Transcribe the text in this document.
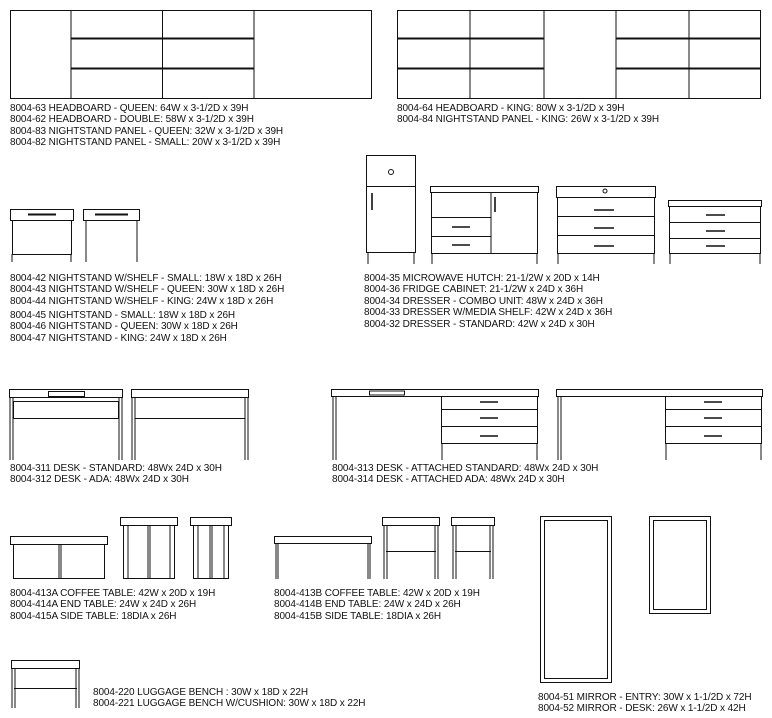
8004-63 HEADBOARD - QUEEN: 64W x 3-1/2D x 39H
8004-62 HEADBOARD - DOUBLE: 58W x 3-1/2D x 39H
8004-83 NIGHTSTAND PANEL - QUEEN: 32W x 3-1/2D x 39H
8004-82 NIGHTSTAND PANEL - SMALL: 20W x 3-1/2D x 39H
8004-64 HEADBOARD - KING: 80W x 3-1/2D x 39H
8004-84 NIGHTSTAND PANEL - KING: 26W x 3-1/2D x 39H
8004-42 NIGHTSTAND W/SHELF - SMALL: 18W x 18D x 26H
8004-43 NIGHTSTAND W/SHELF - QUEEN: 30W x 18D x 26H
8004-44 NIGHTSTAND W/SHELF - KING: 24W x 18D x 26H
8004-45 NIGHTSTAND - SMALL: 18W x 18D x 26H
8004-46 NIGHTSTAND - QUEEN: 30W x 18D x 26H
8004-47 NIGHTSTAND - KING: 24W x 18D x 26H
8004-35 MICROWAVE HUTCH: 21-1/2W x 20D x 14H
8004-36 FRIDGE CABINET: 21-1/2W x 24D x 36H
8004-34 DRESSER - COMBO UNIT: 48W x 24D x 36H
8004-33 DRESSER W/MEDIA SHELF: 42W x 24D x 36H
8004-32 DRESSER - STANDARD: 42W x 24D x 30H
8004-311 DESK - STANDARD: 48Wx 24D x 30H
8004-312 DESK - ADA: 48Wx 24D x 30H
8004-313 DESK - ATTACHED STANDARD: 48Wx 24D x 30H
8004-314 DESK - ATTACHED ADA: 48Wx 24D x 30H
8004-413A COFFEE TABLE: 42W x 20D x 19H
8004-414A END TABLE: 24W x 24D x 26H
8004-415A SIDE TABLE: 18DIA x 26H
8004-413B COFFEE TABLE: 42W x 20D x 19H
8004-414B END TABLE: 24W x 24D x 26H
8004-415B SIDE TABLE: 18DIA x 26H
8004-220 LUGGAGE BENCH : 30W x 18D x 22H
8004-221 LUGGAGE BENCH W/CUSHION: 30W x 18D x 22H
8004-51 MIRROR - ENTRY: 30W x 1-1/2D x 72H
8004-52 MIRROR - DESK: 26W x 1-1/2D x 42H
